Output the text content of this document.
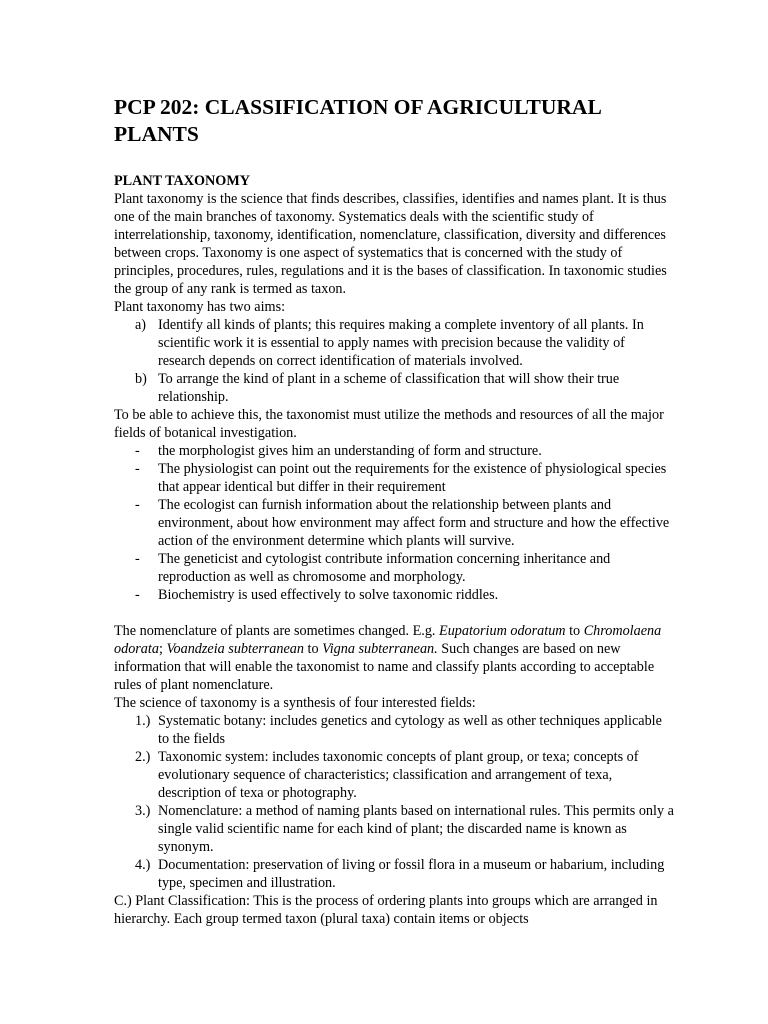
PCP 202: CLASSIFICATION OF AGRICULTURAL PLANTS

PLANT TAXONOMY

Plant taxonomy is the science that finds describes, classifies, identifies and names plant. It is thus one of the main branches of taxonomy. Systematics deals with the scientific study of interrelationship, taxonomy, identification, nomenclature, classification, diversity and differences between crops. Taxonomy is one aspect of systematics that is concerned with the study of principles, procedures, rules, regulations and it is the bases of classification. In taxonomic studies the group of any rank is termed as taxon.

Plant taxonomy has two aims:

a) Identify all kinds of plants; this requires making a complete inventory of all plants. In scientific work it is essential to apply names with precision because the validity of research depends on correct identification of materials involved.
b) To arrange the kind of plant in a scheme of classification that will show their true relationship.

To be able to achieve this, the taxonomist must utilize the methods and resources of all the major fields of botanical investigation.

-	the morphologist gives him an understanding of form and structure.
-	The physiologist can point out the requirements for the existence of physiological species that appear identical but differ in their requirement
-	The ecologist can furnish information about the relationship between plants and environment, about how environment may affect form and structure and how the effective action of the environment determine which plants will survive.
-	The geneticist and cytologist contribute information concerning inheritance and reproduction as well as chromosome and morphology.
-	Biochemistry is used effectively to solve taxonomic riddles.

The nomenclature of plants are sometimes changed. E.g. Eupatorium odoratum to Chromolaena odorata; Voandzeia subterranean to Vigna subterranean. Such changes are based on new information that will enable the taxonomist to name and classify plants according to acceptable rules of plant nomenclature.

The science of taxonomy is a synthesis of four interested fields:

1.) Systematic botany: includes genetics and cytology as well as other techniques applicable to the fields
2.) Taxonomic system: includes taxonomic concepts of plant group, or texa; concepts of evolutionary sequence of characteristics; classification and arrangement of texa, description of texa or photography.
3.) Nomenclature: a method of naming plants based on international rules. This permits only a single valid scientific name for each kind of plant; the discarded name is known as synonym.
4.) Documentation: preservation of living or fossil flora in a museum or habarium, including type, specimen and illustration.

C.) Plant Classification: This is the process of ordering plants into groups which are arranged in hierarchy. Each group termed taxon (plural taxa) contain items or objects
